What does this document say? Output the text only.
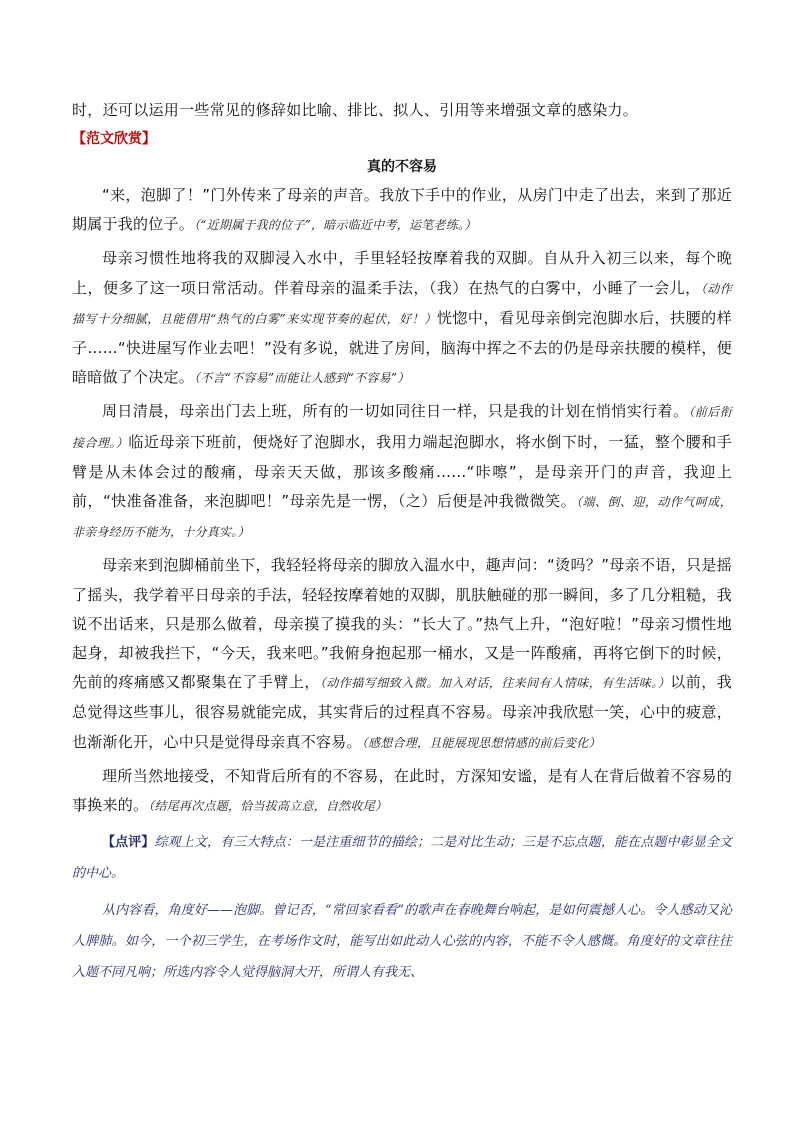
时，还可以运用一些常见的修辞如比喻、排比、拟人、引用等来增强文章的感染力。
【范文欣赏】
真的不容易

“来，泡脚了！”门外传来了母亲的声音。我放下手中的作业，从房门中走了出去，来到了那近期属于我的位子。（“近期属于我的位子”，暗示临近中考，运笔老练。）

母亲习惯性地将我的双脚浸入水中，手里轻轻按摩着我的双脚。自从升入初三以来，每个晚上，便多了这一项日常活动。伴着母亲的温柔手法，（我）在热气的白雾中，小睡了一会儿，（动作描写十分细腻，且能借用“热气的白雾”来实现节奏的起伏，好！）恍惚中，看见母亲倒完泡脚水后，扶腰的样子……“快进屋写作业去吧！”没有多说，就进了房间，脑海中挥之不去的仍是母亲扶腰的模样，便暗暗做了个决定。（不言“不容易”而能让人感到“不容易”）

周日清晨，母亲出门去上班，所有的一切如同往日一样，只是我的计划在悄悄实行着。（前后衔接合理。）临近母亲下班前，便烧好了泡脚水，我用力端起泡脚水，将水倒下时，一猛，整个腰和手臂是从未体会过的酸痛，母亲天天做，那该多酸痛……“咔嚓”，是母亲开门的声音，我迎上前，“快准备准备，来泡脚吧！”母亲先是一愣，（之）后便是冲我微微笑。（端、倒、迎，动作气呵成，非亲身经历不能为，十分真实。）

母亲来到泡脚桶前坐下，我轻轻将母亲的脚放入温水中，趣声问：“烫吗？”母亲不语，只是摇了摇头，我学着平日母亲的手法，轻轻按摩着她的双脚，肌肤触碰的那一瞬间，多了几分粗糙，我说不出话来，只是那么做着，母亲摸了摸我的头：“长大了。”热气上升，“泡好啦！”母亲习惯性地起身，却被我拦下，“今天，我来吧。”我俯身抱起那一桶水，又是一阵酸痛，再将它倒下的时候，先前的疼痛感又都聚集在了手臂上，（动作描写细致入微。加入对话，往来间有人情味，有生活味。）以前，我总觉得这些事儿，很容易就能完成，其实背后的过程真不容易。母亲冲我欣慰一笑，心中的疲意，也渐渐化开，心中只是觉得母亲真不容易。（感想合理，且能展现思想情感的前后变化）

理所当然地接受，不知背后所有的不容易，在此时，方深知安谧，是有人在背后做着不容易的事换来的。（结尾再次点题，恰当拔高立意，自然收尾）

【点评】综观上文，有三大特点：一是注重细节的描绘；二是对比生动；三是不忘点题，能在点题中彰显全文的中心。

从内容看，角度好——泡脚。曾记否，“常回家看看”的歌声在春晚舞台响起，是如何震撼人心。令人感动又沁人脾肺。如今，一个初三学生，在考场作文时，能写出如此动人心弦的内容，不能不令人感慨。角度好的文章往往入题不同凡响；所选内容令人觉得脑洞大开，所谓人有我无、
